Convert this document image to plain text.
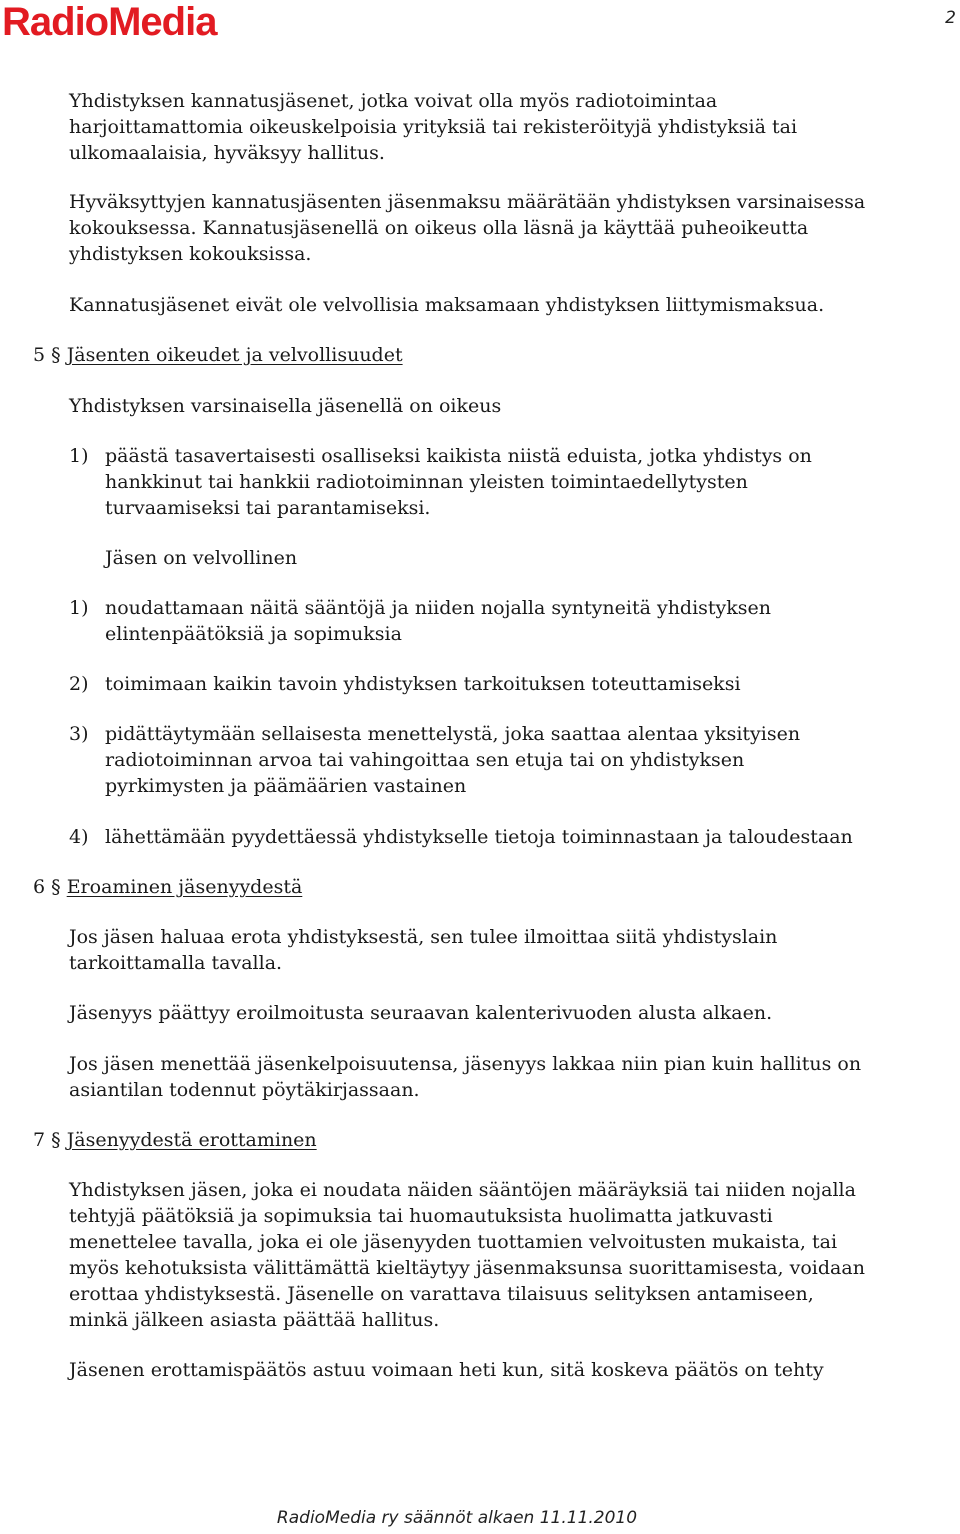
RadioMedia	2

Yhdistyksen kannatusjäsenet, jotka voivat olla myös radiotoimintaa
harjoittamattomia oikeuskelpoisia yrityksiä tai rekisteröityjä yhdistyksiä tai
ulkomaalaisia, hyväksyy hallitus.

Hyväksyttyjen kannatusjäsenten jäsenmaksu määrätään yhdistyksen varsinaisessa
kokouksessa. Kannatusjäsenellä on oikeus olla läsnä ja käyttää puheoikeutta
yhdistyksen kokouksissa.

Kannatusjäsenet eivät ole velvollisia maksamaan yhdistyksen liittymismaksua.

5 § Jäsenten oikeudet ja velvollisuudet

Yhdistyksen varsinaisella jäsenellä on oikeus

1) päästä tasavertaisesti osalliseksi kaikista niistä eduista, jotka yhdistys on
hankkinut tai hankkii radiotoiminnan yleisten toimintaedellytysten
turvaamiseksi tai parantamiseksi.

Jäsen on velvollinen

1) noudattamaan näitä sääntöjä ja niiden nojalla syntyneitä yhdistyksen
elintenpäätöksiä ja sopimuksia
2) toimimaan kaikin tavoin yhdistyksen tarkoituksen toteuttamiseksi
3) pidättäytymään sellaisesta menettelystä, joka saattaa alentaa yksityisen
radiotoiminnan arvoa tai vahingoittaa sen etuja tai on yhdistyksen
pyrkimysten ja päämäärien vastainen
4) lähettämään pyydettäessä yhdistykselle tietoja toiminnastaan ja taloudestaan

6 § Eroaminen jäsenyydestä

Jos jäsen haluaa erota yhdistyksestä, sen tulee ilmoittaa siitä yhdistyslain
tarkoittamalla tavalla.

Jäsenyys päättyy eroilmoitusta seuraavan kalenterivuoden alusta alkaen.

Jos jäsen menettää jäsenkelpoisuutensa, jäsenyys lakkaa niin pian kuin hallitus on
asiantilan todennut pöytäkirjassaan.

7 § Jäsenyydestä erottaminen

Yhdistyksen jäsen, joka ei noudata näiden sääntöjen määräyksiä tai niiden nojalla
tehtyjä päätöksiä ja sopimuksia tai huomautuksista huolimatta jatkuvasti
menettelee tavalla, joka ei ole jäsenyyden tuottamien velvoitusten mukaista, tai
myös kehotuksista välittämättä kieltäytyy jäsenmaksunsa suorittamisesta, voidaan
erottaa yhdistyksestä. Jäsenelle on varattava tilaisuus selityksen antamiseen,
minkä jälkeen asiasta päättää hallitus.

Jäsenen erottamispäätös astuu voimaan heti kun, sitä koskeva päätös on tehty

RadioMedia ry säännöt alkaen 11.11.2010
